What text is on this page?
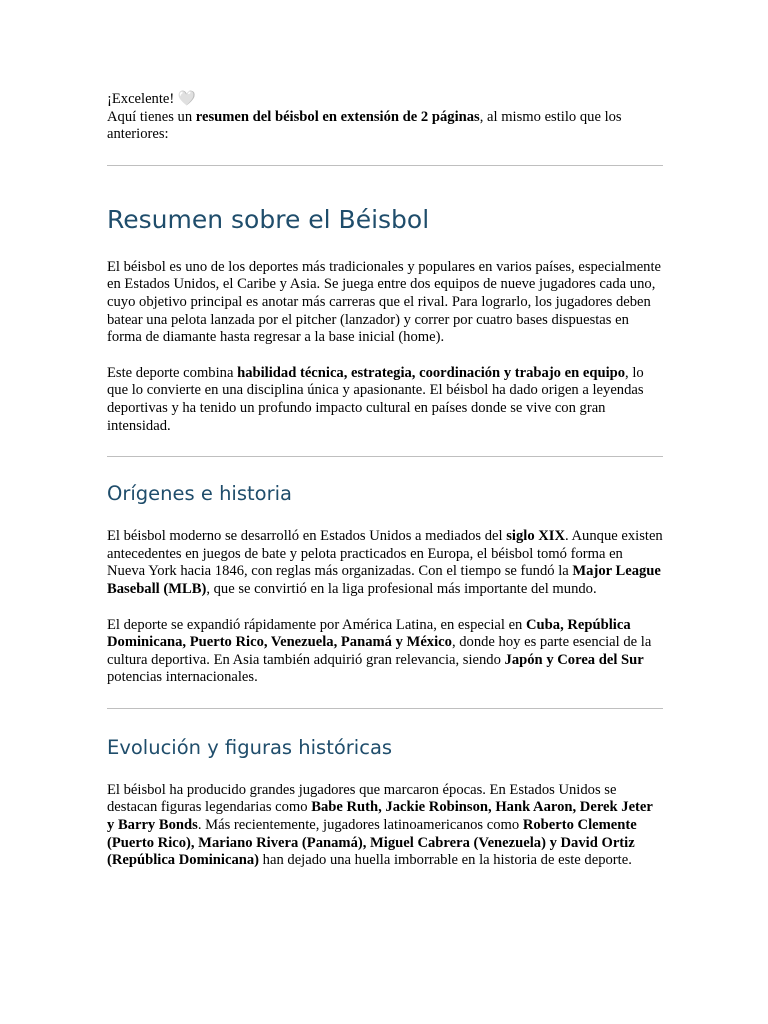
¡Excelente! 🤍

Aquí tienes un resumen del béisbol en extensión de 2 páginas, al mismo estilo que los anteriores:

Resumen sobre el Béisbol

El béisbol es uno de los deportes más tradicionales y populares en varios países, especialmente en Estados Unidos, el Caribe y Asia. Se juega entre dos equipos de nueve jugadores cada uno, cuyo objetivo principal es anotar más carreras que el rival. Para lograrlo, los jugadores deben batear una pelota lanzada por el pitcher (lanzador) y correr por cuatro bases dispuestas en forma de diamante hasta regresar a la base inicial (home).

Este deporte combina habilidad técnica, estrategia, coordinación y trabajo en equipo, lo que lo convierte en una disciplina única y apasionante. El béisbol ha dado origen a leyendas deportivas y ha tenido un profundo impacto cultural en países donde se vive con gran intensidad.

Orígenes e historia

El béisbol moderno se desarrolló en Estados Unidos a mediados del siglo XIX. Aunque existen antecedentes en juegos de bate y pelota practicados en Europa, el béisbol tomó forma en Nueva York hacia 1846, con reglas más organizadas. Con el tiempo se fundó la Major League Baseball (MLB), que se convirtió en la liga profesional más importante del mundo.

El deporte se expandió rápidamente por América Latina, en especial en Cuba, República Dominicana, Puerto Rico, Venezuela, Panamá y México, donde hoy es parte esencial de la cultura deportiva. En Asia también adquirió gran relevancia, siendo Japón y Corea del Sur potencias internacionales.

Evolución y figuras históricas

El béisbol ha producido grandes jugadores que marcaron épocas. En Estados Unidos se destacan figuras legendarias como Babe Ruth, Jackie Robinson, Hank Aaron, Derek Jeter y Barry Bonds. Más recientemente, jugadores latinoamericanos como Roberto Clemente (Puerto Rico), Mariano Rivera (Panamá), Miguel Cabrera (Venezuela) y David Ortiz (República Dominicana) han dejado una huella imborrable en la historia de este deporte.
